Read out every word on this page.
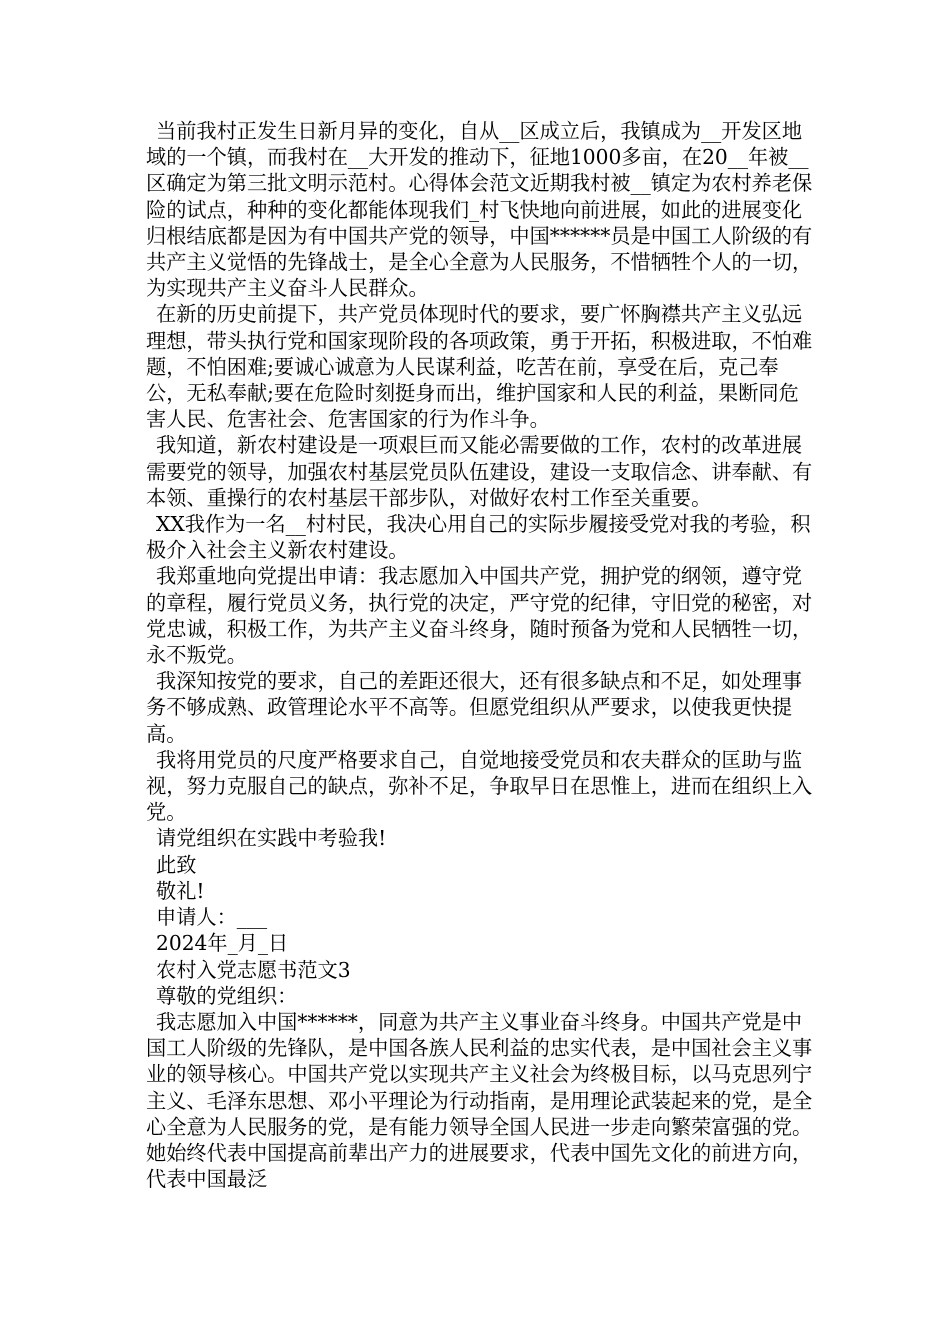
当前我村正发生日新月异的变化，自从__区成立后，我镇成为__开发区地域的一个镇，而我村在__大开发的推动下，征地1000多亩，在20__年被__区确定为第三批文明示范村。心得体会范文近期我村被__镇定为农村养老保险的试点，种种的变化都能体现我们_村飞快地向前进展，如此的进展变化归根结底都是因为有中国共产党的领导，中国******员是中国工人阶级的有共产主义觉悟的先锋战士，是全心全意为人民服务，不惜牺牲个人的一切，为实现共产主义奋斗人民群众。

在新的历史前提下，共产党员体现时代的要求，要广怀胸襟共产主义弘远理想，带头执行党和国家现阶段的各项政策，勇于开拓，积极进取，不怕难题，不怕困难;要诚心诚意为人民谋利益，吃苦在前，享受在后，克己奉公，无私奉献;要在危险时刻挺身而出，维护国家和人民的利益，果断同危害人民、危害社会、危害国家的行为作斗争。

我知道，新农村建设是一项艰巨而又能必需要做的工作，农村的改革进展需要党的领导，加强农村基层党员队伍建设，建设一支取信念、讲奉献、有本领、重操行的农村基层干部步队，对做好农村工作至关重要。

XX我作为一名__村村民，我决心用自己的实际步履接受党对我的考验，积极介入社会主义新农村建设。

我郑重地向党提出申请：我志愿加入中国共产党，拥护党的纲领，遵守党的章程，履行党员义务，执行党的决定，严守党的纪律，守旧党的秘密，对党忠诚，积极工作，为共产主义奋斗终身，随时预备为党和人民牺牲一切，永不叛党。

我深知按党的要求，自己的差距还很大，还有很多缺点和不足，如处理事务不够成熟、政管理论水平不高等。但愿党组织从严要求，以使我更快提高。

我将用党员的尺度严格要求自己，自觉地接受党员和农夫群众的匡助与监视，努力克服自己的缺点，弥补不足，争取早日在思惟上，进而在组织上入党。

请党组织在实践中考验我!

此致

敬礼!

申请人：___

2024年_月_日

农村入党志愿书范文3

尊敬的党组织：

我志愿加入中国******，同意为共产主义事业奋斗终身。中国共产党是中国工人阶级的先锋队，是中国各族人民利益的忠实代表，是中国社会主义事业的领导核心。中国共产党以实现共产主义社会为终极目标，以马克思列宁主义、毛泽东思想、邓小平理论为行动指南，是用理论武装起来的党，是全心全意为人民服务的党，是有能力领导全国人民进一步走向繁荣富强的党。她始终代表中国提高前辈出产力的进展要求，代表中国先文化的前进方向，代表中国最泛
